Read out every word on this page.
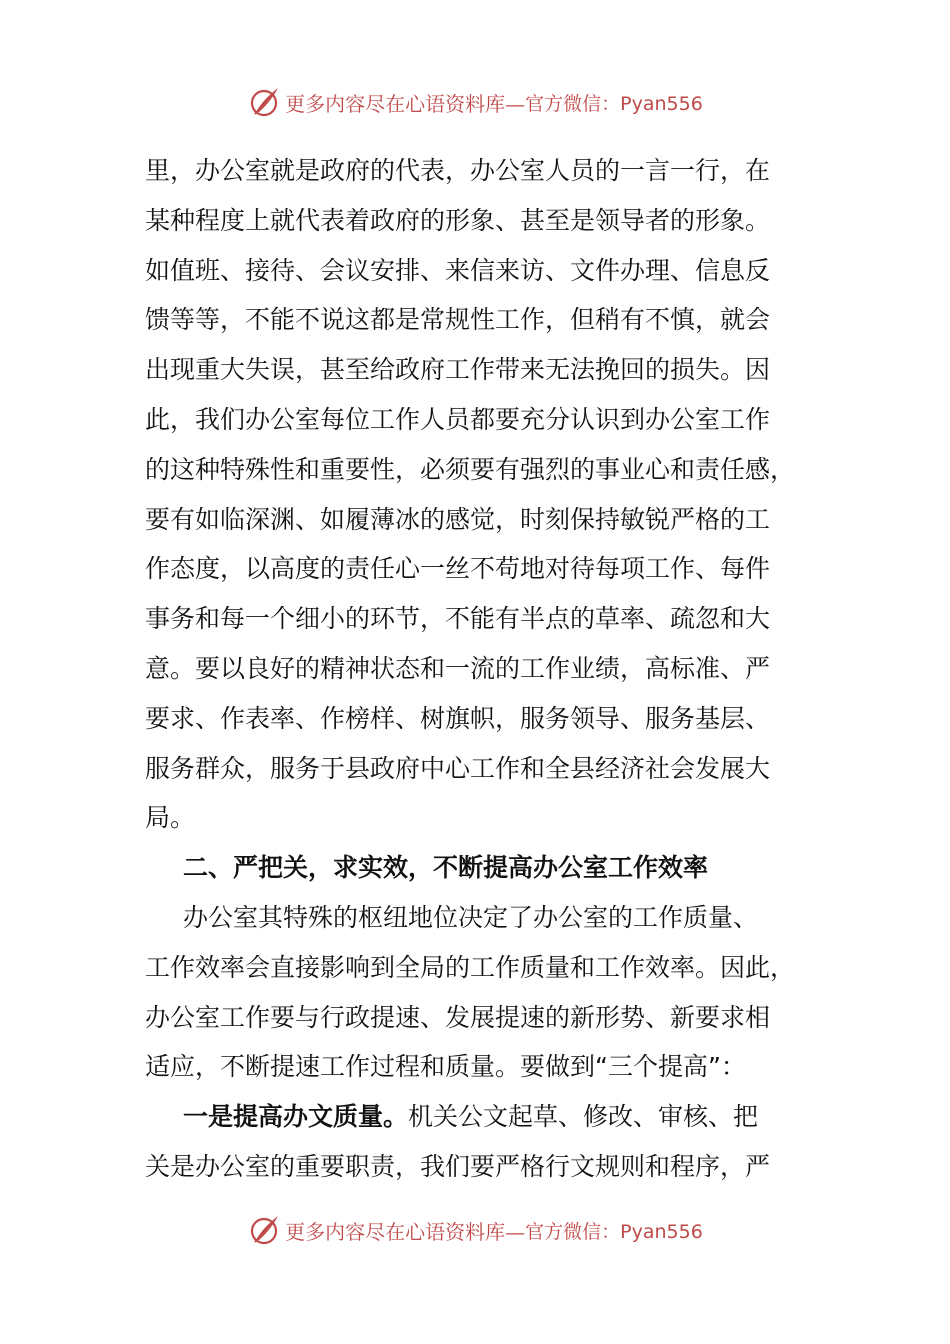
更多内容尽在心语资料库— 官方微信：Pyan556
里，办公室就是政府的代表，办公室人员的一言一行，在
某种程度上就代表着政府的形象、甚至是领导者的形象。
如值班、接待、会议安排、来信来访、文件办理、信息反
馈等等，不能不说这都是常规性工作，但稍有不慎，就会
出现重大失误，甚至给政府工作带来无法挽回的损失。因
此，我们办公室每位工作人员都要充分认识到办公室工作
的这种特殊性和重要性，必须要有强烈的事业心和责任感，
要有如临深渊、如履薄冰的感觉，时刻保持敏锐严格的工
作态度，以高度的责任心一丝不苟地对待每项工作、每件
事务和每一个细小的环节，不能有半点的草率、疏忽和大
意。要以良好的精神状态和一流的工作业绩，高标准、严
要求、作表率、作榜样、树旗帜，服务领导、服务基层、
服务群众，服务于县政府中心工作和全县经济社会发展大
局。
二、严把关，求实效，不断提高办公室工作效率
办公室其特殊的枢纽地位决定了办公室的工作质量、
工作效率会直接影响到全局的工作质量和工作效率。因此，
办公室工作要与行政提速、发展提速的新形势、新要求相
适应，不断提速工作过程和质量。要做到“三个提高”：
一是提高办文质量。机关公文起草、修改、审核、把
关是办公室的重要职责，我们要严格行文规则和程序，严
更多内容尽在心语资料库— 官方微信：Pyan556
